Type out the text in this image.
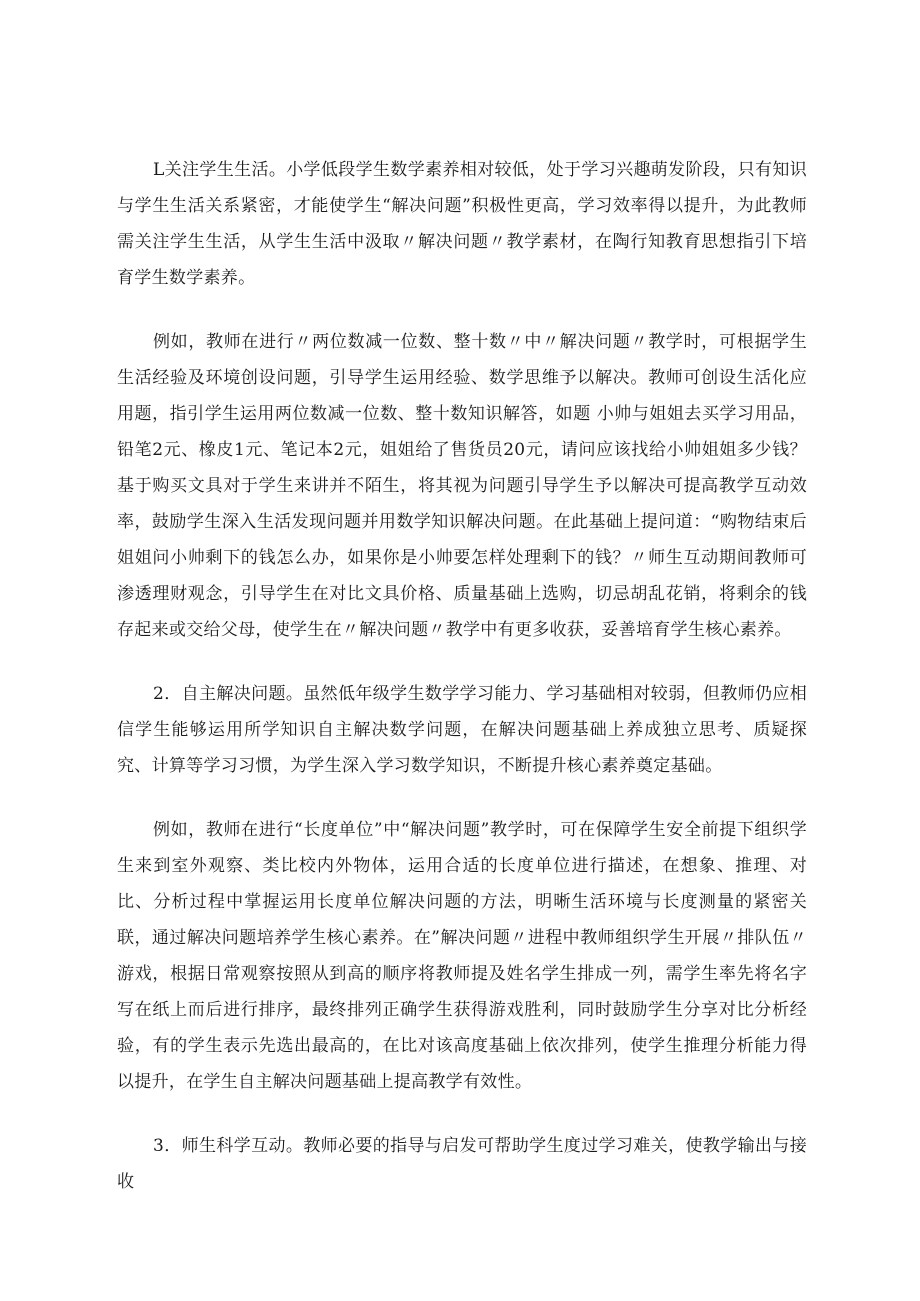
L关注学生生活。小学低段学生数学素养相对较低，处于学习兴趣萌发阶段，只有知识与学生生活关系紧密，才能使学生“解决问题”积极性更高，学习效率得以提升，为此教师需关注学生生活，从学生生活中汲取〃解决问题〃教学素材，在陶行知教育思想指引下培育学生数学素养。

例如，教师在进行〃两位数减一位数、整十数〃中〃解决问题〃教学时，可根据学生生活经验及环境创设问题，引导学生运用经验、数学思维予以解决。教师可创设生活化应用题，指引学生运用两位数减一位数、整十数知识解答，如题 小帅与姐姐去买学习用品，铅笔2元、橡皮1元、笔记本2元，姐姐给了售货员20元，请问应该找给小帅姐姐多少钱？基于购买文具对于学生来讲并不陌生，将其视为问题引导学生予以解决可提高教学互动效率，鼓励学生深入生活发现问题并用数学知识解决问题。在此基础上提问道：“购物结束后姐姐问小帅剩下的钱怎么办，如果你是小帅要怎样处理剩下的钱？〃师生互动期间教师可渗透理财观念，引导学生在对比文具价格、质量基础上选购，切忌胡乱花销，将剩余的钱存起来或交给父母，使学生在〃解决问题〃教学中有更多收获，妥善培育学生核心素养。

2．自主解决问题。虽然低年级学生数学学习能力、学习基础相对较弱，但教师仍应相信学生能够运用所学知识自主解决数学问题，在解决问题基础上养成独立思考、质疑探究、计算等学习习惯，为学生深入学习数学知识，不断提升核心素养奠定基础。

例如，教师在进行“长度单位”中“解决问题”教学时，可在保障学生安全前提下组织学生来到室外观察、类比校内外物体，运用合适的长度单位进行描述，在想象、推理、对比、分析过程中掌握运用长度单位解决问题的方法，明晰生活环境与长度测量的紧密关联，通过解决问题培养学生核心素养。在”解决问题〃进程中教师组织学生开展〃排队伍〃游戏，根据日常观察按照从到高的顺序将教师提及姓名学生排成一列，需学生率先将名字写在纸上而后进行排序，最终排列正确学生获得游戏胜利，同时鼓励学生分享对比分析经验，有的学生表示先选出最高的，在比对该高度基础上依次排列，使学生推理分析能力得以提升，在学生自主解决问题基础上提高教学有效性。

3．师生科学互动。教师必要的指导与启发可帮助学生度过学习难关，使教学输出与接收
